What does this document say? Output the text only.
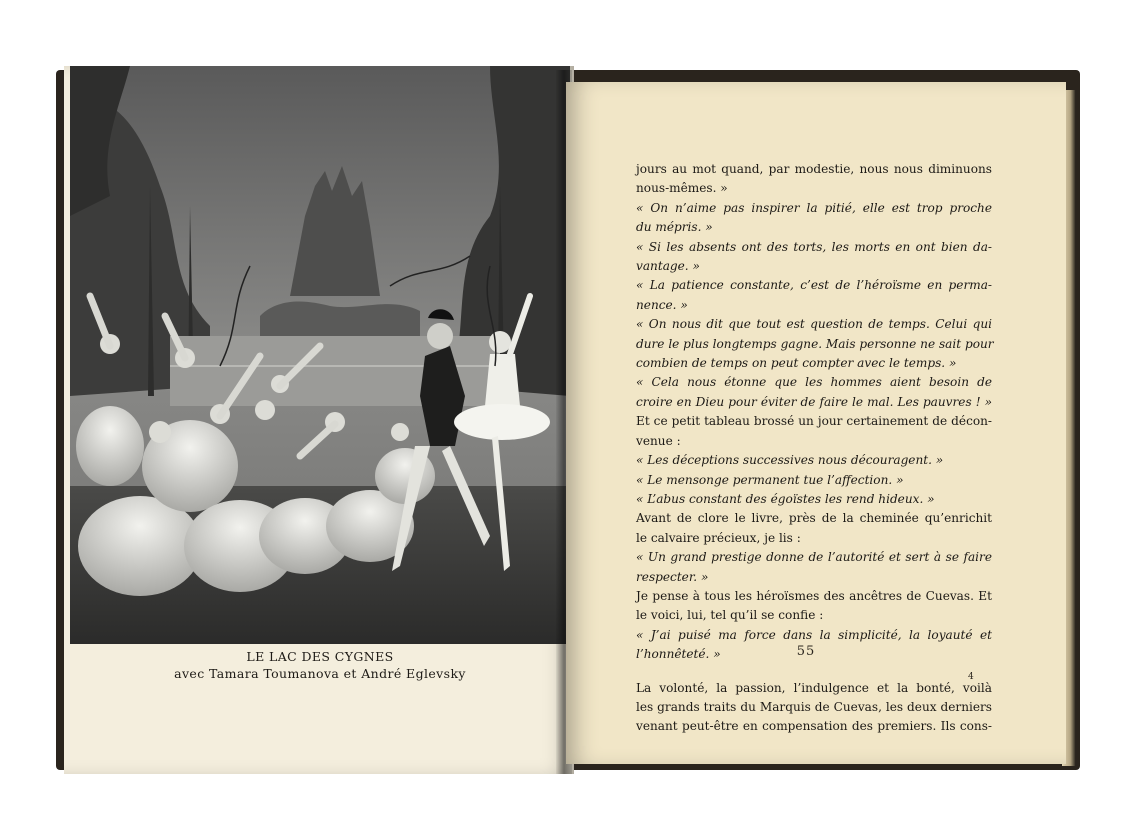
LE LAC DES CYGNES
avec Tamara Toumanova et André Eglevsky
jours au mot quand, par modestie, nous nous diminuons
nous-mêmes. »
« On n’aime pas inspirer la pitié, elle est trop proche
du mépris. »
« Si les absents ont des torts, les morts en ont bien da-
vantage. »
« La patience constante, c’est de l’héroïsme en perma-
nence. »
« On nous dit que tout est question de temps. Celui qui
dure le plus longtemps gagne. Mais personne ne sait pour
combien de temps on peut compter avec le temps. »
« Cela nous étonne que les hommes aient besoin de
croire en Dieu pour éviter de faire le mal. Les pauvres ! »
Et ce petit tableau brossé un jour certainement de décon-
venue :
« Les déceptions successives nous découragent. »
« Le mensonge permanent tue l’affection. »
« L’abus constant des égoïstes les rend hideux. »
Avant de clore le livre, près de la cheminée qu’enrichit
le calvaire précieux, je lis :
« Un grand prestige donne de l’autorité et sert à se faire
respecter. »
Je pense à tous les héroïsmes des ancêtres de Cuevas. Et
le voici, lui, tel qu’il se confie :
« J’ai puisé ma force dans la simplicité, la loyauté et
l’honnêteté. »
La volonté, la passion, l’indulgence et la bonté, voilà
les grands traits du Marquis de Cuevas, les deux derniers
venant peut-être en compensation des premiers. Ils cons-
55
4
